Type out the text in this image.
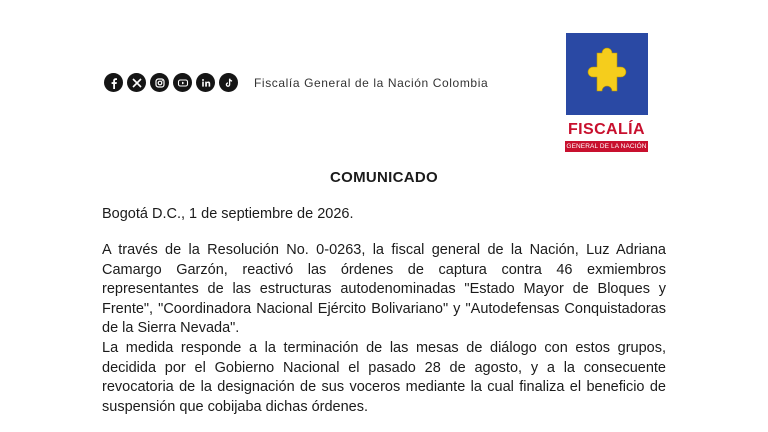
Fiscalía General de la Nación Colombia
FISCALÍA
GENERAL DE LA NACIÓN
COMUNICADO
Bogotá D.C., 1 de septiembre de 2026.
A través de la Resolución No. 0-0263, la fiscal general de la Nación, Luz Adriana Camargo Garzón, reactivó las órdenes de captura contra 46 exmiembros representantes de las estructuras autodenominadas "Estado Mayor de Bloques y Frente", "Coordinadora Nacional Ejército Bolivariano" y "Autodefensas Conquistadoras de la Sierra Nevada".
La medida responde a la terminación de las mesas de diálogo con estos grupos, decidida por el Gobierno Nacional el pasado 28 de agosto, y a la consecuente revocatoria de la designación de sus voceros mediante la cual finaliza el beneficio de suspensión que cobijaba dichas órdenes.
